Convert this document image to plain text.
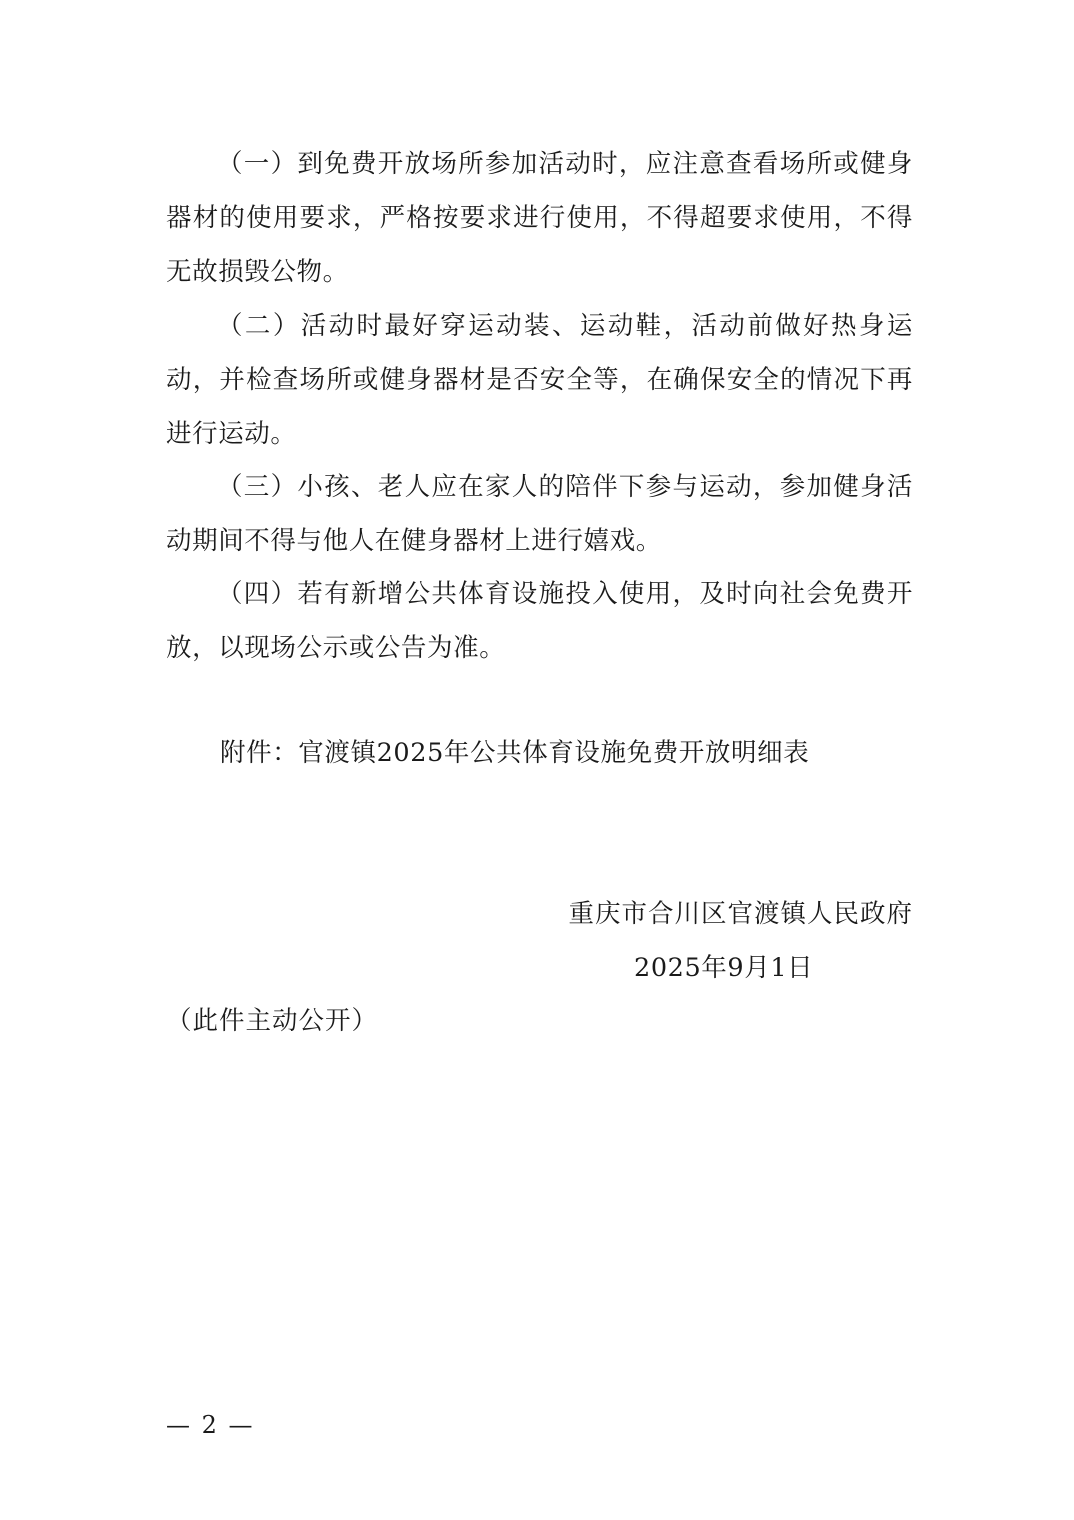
（一）到免费开放场所参加活动时，应注意查看场所或健身器材的使用要求，严格按要求进行使用，不得超要求使用，不得无故损毁公物。

（二）活动时最好穿运动装、运动鞋，活动前做好热身运动，并检查场所或健身器材是否安全等，在确保安全的情况下再进行运动。

（三）小孩、老人应在家人的陪伴下参与运动，参加健身活动期间不得与他人在健身器材上进行嬉戏。

（四）若有新增公共体育设施投入使用，及时向社会免费开放，以现场公示或公告为准。

附件：官渡镇2025年公共体育设施免费开放明细表
重庆市合川区官渡镇人民政府
2025年9月1日
（此件主动公开）
— 2 —
